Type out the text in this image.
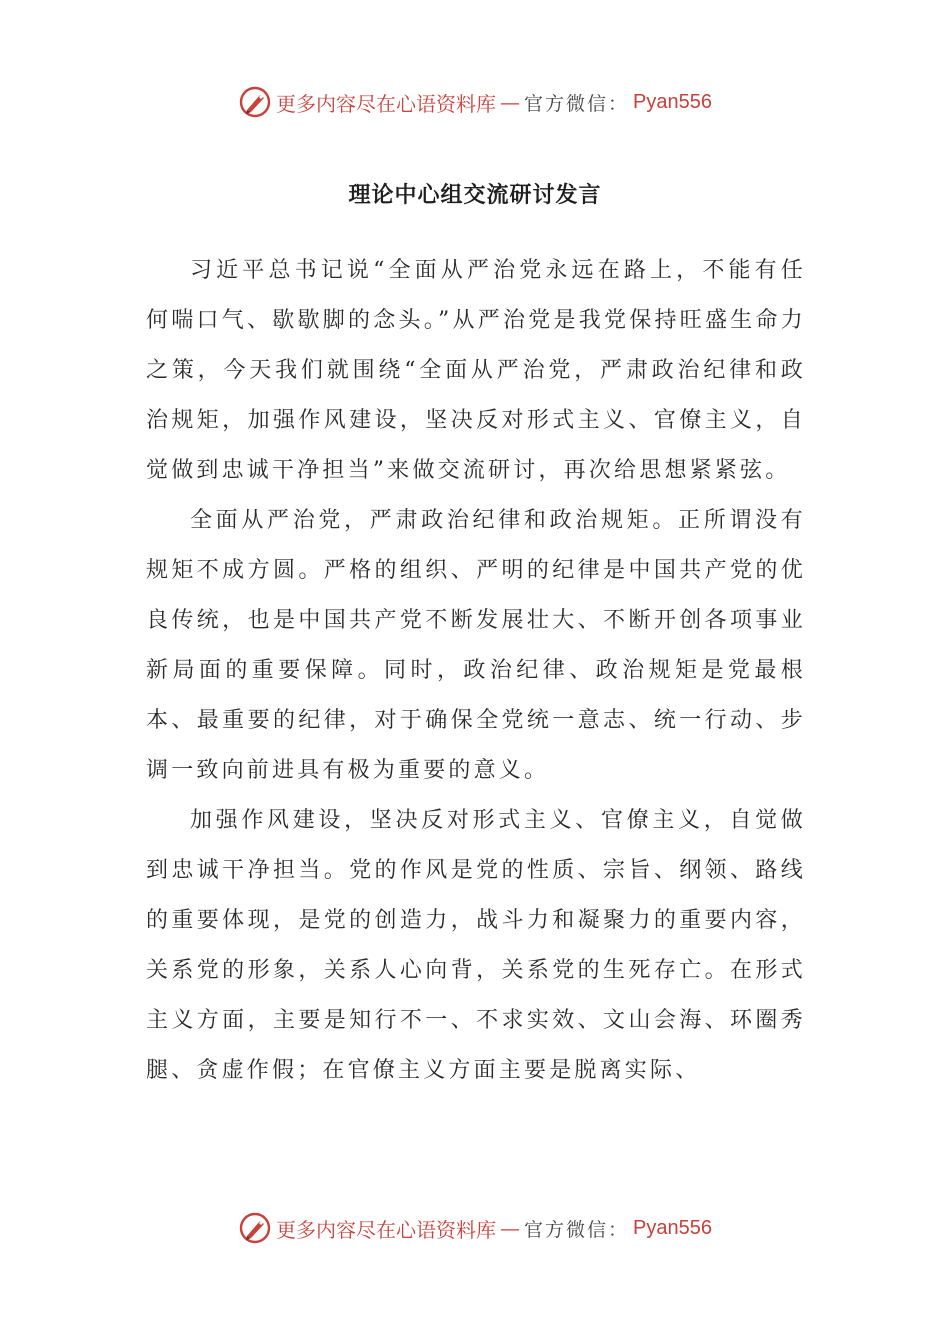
更多内容尽在心语资料库 — 官方微信： Pyan556
理论中心组交流研讨发言

习近平总书记说“全面从严治党永远在路上，不能有任何喘口气、歇歇脚的念头。”从严治党是我党保持旺盛生命力之策，今天我们就围绕“全面从严治党，严肃政治纪律和政治规矩，加强作风建设，坚决反对形式主义、官僚主义，自觉做到忠诚干净担当”来做交流研讨，再次给思想紧紧弦。

全面从严治党，严肃政治纪律和政治规矩。正所谓没有规矩不成方圆。严格的组织、严明的纪律是中国共产党的优良传统，也是中国共产党不断发展壮大、不断开创各项事业新局面的重要保障。同时，政治纪律、政治规矩是党最根本、最重要的纪律，对于确保全党统一意志、统一行动、步调一致向前进具有极为重要的意义。

加强作风建设，坚决反对形式主义、官僚主义，自觉做到忠诚干净担当。党的作风是党的性质、宗旨、纲领、路线的重要体现，是党的创造力，战斗力和凝聚力的重要内容，关系党的形象，关系人心向背，关系党的生死存亡。在形式主义方面，主要是知行不一、不求实效、文山会海、环圈秀腿、贪虚作假；在官僚主义方面主要是脱离实际、

更多内容尽在心语资料库 — 官方微信： Pyan556
